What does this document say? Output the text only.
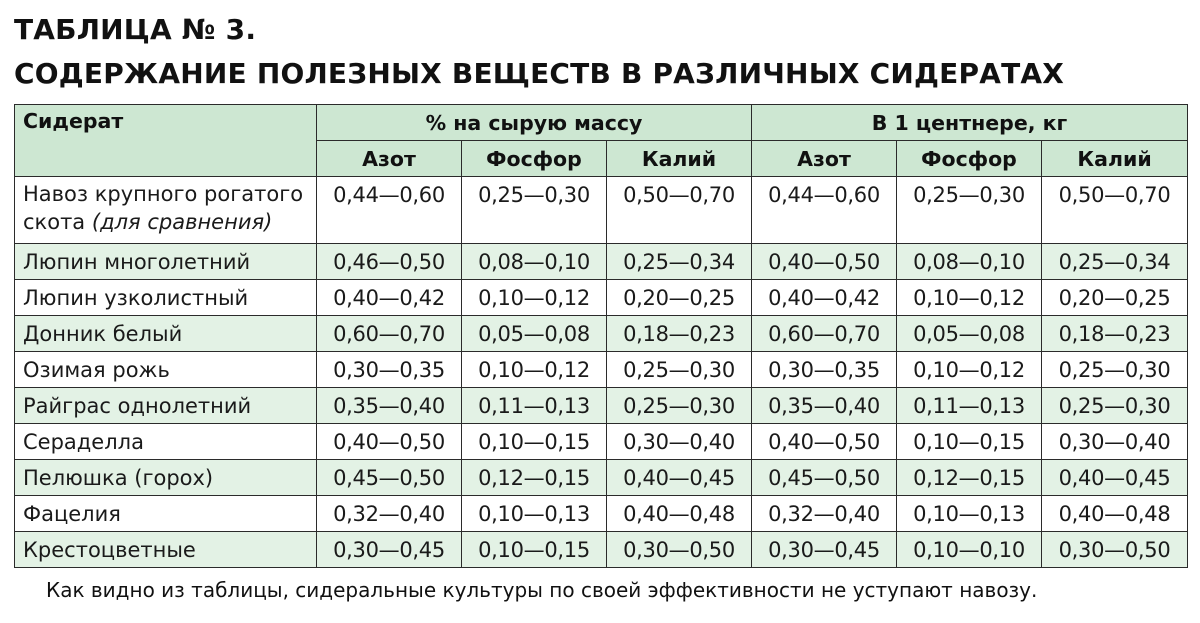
ТАБЛИЦА № 3.
СОДЕРЖАНИЕ ПОЛЕЗНЫХ ВЕЩЕСТВ В РАЗЛИЧНЫХ СИДЕРАТАХ
Сидерат	% на сырую массу			В 1 центнере, кг		
	Азот	Фосфор	Калий	Азот	Фосфор	Калий
Навоз крупного рогатого скота (для сравнения)	0,44—0,60	0,25—0,30	0,50—0,70	0,44—0,60	0,25—0,30	0,50—0,70
Люпин многолетний	0,46—0,50	0,08—0,10	0,25—0,34	0,40—0,50	0,08—0,10	0,25—0,34
Люпин узколистный	0,40—0,42	0,10—0,12	0,20—0,25	0,40—0,42	0,10—0,12	0,20—0,25
Донник белый	0,60—0,70	0,05—0,08	0,18—0,23	0,60—0,70	0,05—0,08	0,18—0,23
Озимая рожь	0,30—0,35	0,10—0,12	0,25—0,30	0,30—0,35	0,10—0,12	0,25—0,30
Райграс однолетний	0,35—0,40	0,11—0,13	0,25—0,30	0,35—0,40	0,11—0,13	0,25—0,30
Сераделла	0,40—0,50	0,10—0,15	0,30—0,40	0,40—0,50	0,10—0,15	0,30—0,40
Пелюшка (горох)	0,45—0,50	0,12—0,15	0,40—0,45	0,45—0,50	0,12—0,15	0,40—0,45
Фацелия	0,32—0,40	0,10—0,13	0,40—0,48	0,32—0,40	0,10—0,13	0,40—0,48
Крестоцветные	0,30—0,45	0,10—0,15	0,30—0,50	0,30—0,45	0,10—0,10	0,30—0,50

Как видно из таблицы, сидеральные культуры по своей эффективности не уступают навозу.
